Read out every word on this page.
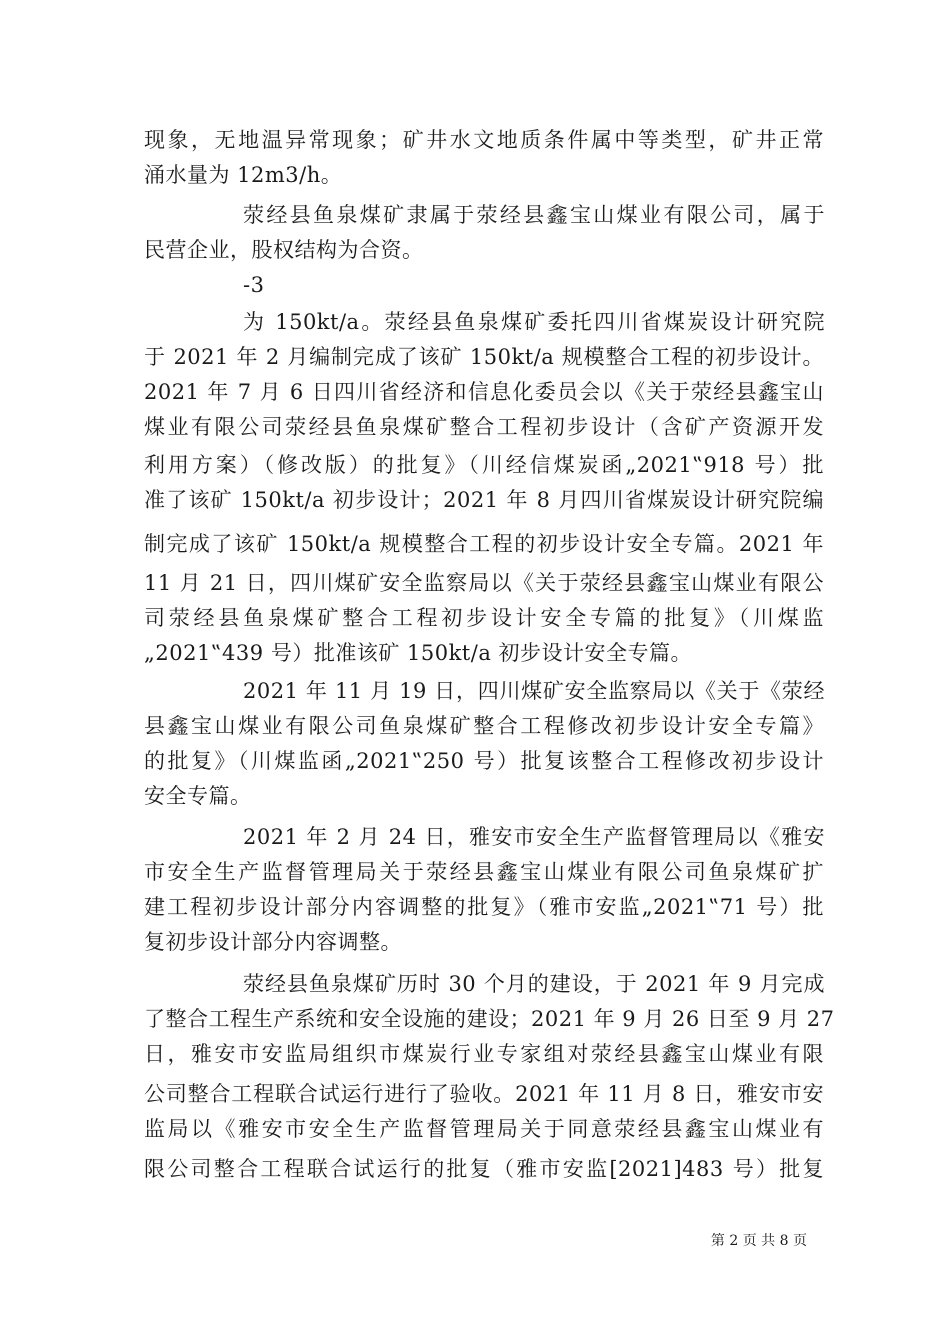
现象，无地温异常现象；矿井水文地质条件属中等类型，矿井正常

涌水量为 12m3/h。

荥经县鱼泉煤矿隶属于荥经县鑫宝山煤业有限公司，属于

民营企业，股权结构为合资。

-3

为 150kt/a。荥经县鱼泉煤矿委托四川省煤炭设计研究院

于 2021 年 2 月编制完成了该矿 150kt/a 规模整合工程的初步设计。

2021 年 7 月 6 日四川省经济和信息化委员会以《关于荥经县鑫宝山

煤业有限公司荥经县鱼泉煤矿整合工程初步设计（含矿产资源开发

利用方案）（修改版）的批复》（川经信煤炭函„2021‟918 号）批

准了该矿 150kt/a 初步设计；2021 年 8 月四川省煤炭设计研究院编

制完成了该矿 150kt/a 规模整合工程的初步设计安全专篇。2021 年

11 月 21 日，四川煤矿安全监察局以《关于荥经县鑫宝山煤业有限公

司荥经县鱼泉煤矿整合工程初步设计安全专篇的批复》（川煤监

„2021‟439 号）批准该矿 150kt/a 初步设计安全专篇。

2021 年 11 月 19 日，四川煤矿安全监察局以《关于《荥经

县鑫宝山煤业有限公司鱼泉煤矿整合工程修改初步设计安全专篇》

的批复》（川煤监函„2021‟250 号）批复该整合工程修改初步设计

安全专篇。

2021 年 2 月 24 日，雅安市安全生产监督管理局以《雅安

市安全生产监督管理局关于荥经县鑫宝山煤业有限公司鱼泉煤矿扩

建工程初步设计部分内容调整的批复》（雅市安监„2021‟71 号）批

复初步设计部分内容调整。

荥经县鱼泉煤矿历时 30 个月的建设，于 2021 年 9 月完成

了整合工程生产系统和安全设施的建设；2021 年 9 月 26 日至 9 月 27

日，雅安市安监局组织市煤炭行业专家组对荥经县鑫宝山煤业有限

公司整合工程联合试运行进行了验收。2021 年 11 月 8 日，雅安市安

监局以《雅安市安全生产监督管理局关于同意荥经县鑫宝山煤业有

限公司整合工程联合试运行的批复（雅市安监[2021]483 号）批复

第 2 页 共 8 页
